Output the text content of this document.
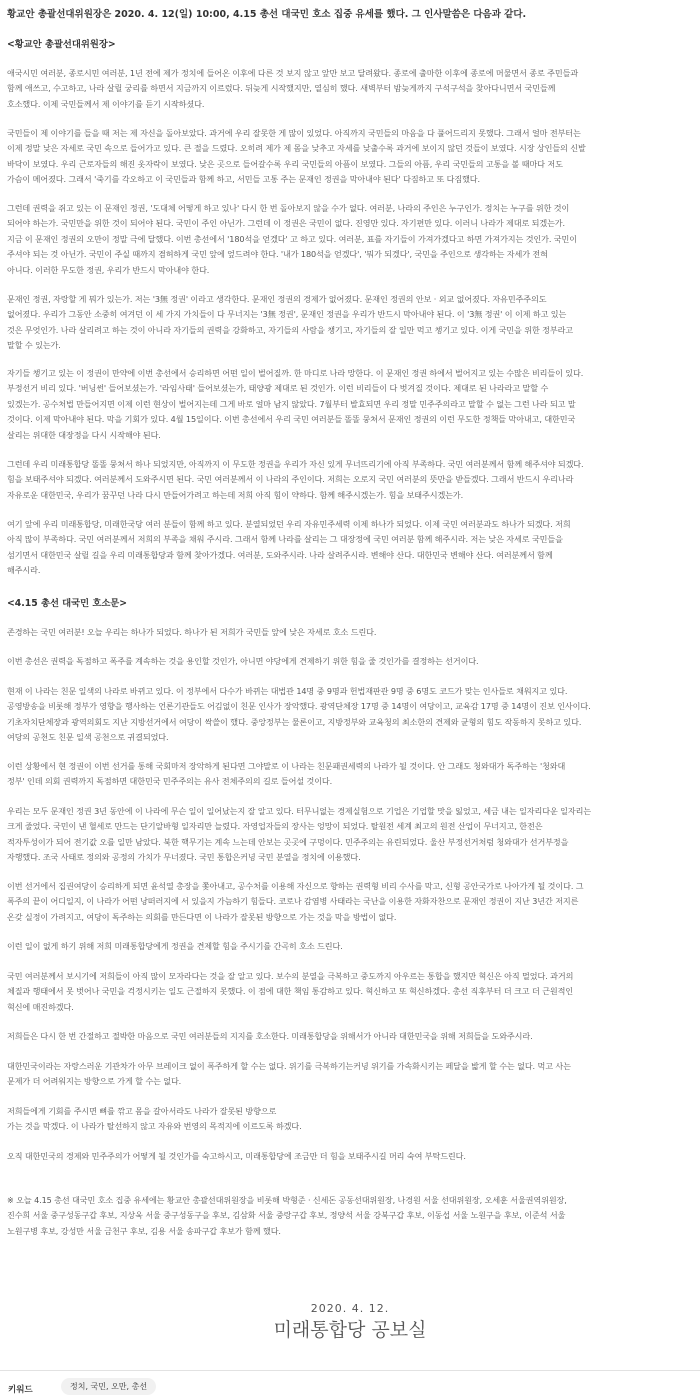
황교안 총괄선대위원장은 2020. 4. 12(일) 10:00, 4.15 총선 대국민 호소 집중 유세를 했다. 그 인사말씀은 다음과 같다.
<황교안 총괄선대위원장>
애국시민 여러분, 종로시민 여러분, 1년 전에 제가 정치에 들어온 이후에 다른 것 보지 않고 앞만 보고 달려왔다. 종로에 출마한 이후에 종로에 머물면서 종로 주민들과
함께 애쓰고, 수고하고, 나라 살릴 궁리를 하면서 지금까지 이르렀다. 뒤늦게 시작했지만, 열심히 했다. 새벽부터 밤늦게까지 구석구석을 찾아다니면서 국민들께
호소했다. 이제 국민들께서 제 이야기를 듣기 시작하셨다.
국민들이 제 이야기를 들을 때 저는 제 자신을 돌아보았다. 과거에 우리 잘못한 게 많이 있었다. 아직까지 국민들의 마음을 다 풀어드리지 못했다. 그래서 얼마 전부터는
이제 정말 낮은 자세로 국민 속으로 들어가고 있다. 큰 절을 드렸다. 오히려 제가 제 몸을 낮추고 자세를 낮출수록 과거에 보이지 않던 것들이 보였다. 시장 상인들의 신발
바닥이 보였다. 우리 근로자들의 해진 옷자락이 보였다. 낮은 곳으로 들어갈수록 우리 국민들의 아픔이 보였다. 그들의 아픔, 우리 국민들의 고통을 볼 때마다 저도
가슴이 메어졌다. 그래서 '죽기를 각오하고 이 국민들과 함께 하고, 서민들 고통 주는 문재인 정권을 막아내야 된다' 다짐하고 또 다짐했다.
그런데 권력을 쥐고 있는 이 문재인 정권, '도대체 어떻게 하고 있나' 다시 한 번 돌아보지 않을 수가 없다. 여러분, 나라의 주인은 누구인가. 정치는 누구를 위한 것이
되어야 하는가. 국민만을 위한 것이 되어야 된다. 국민이 주인 아닌가. 그런데 이 정권은 국민이 없다. 진영만 있다. 자기편만 있다. 이러니 나라가 제대로 되겠는가.
지금 이 문재인 정권의 오만이 정말 극에 달했다. 이번 총선에서 '180석을 얻겠다' 고 하고 있다. 여러분, 표를 자기들이 가져가겠다고 하면 가져가지는 것인가. 국민이
주셔야 되는 것 아닌가. 국민이 주실 때까지 겸허하게 국민 앞에 엎드려야 한다. '내가 180석을 얻겠다', '뭐가 되겠다', 국민을 주인으로 생각하는 자세가 전혀
아니다. 이러한 무도한 정권, 우리가 반드시 막아내야 한다.
문재인 정권, 자랑할 게 뭐가 있는가. 저는 '3無 정권' 이라고 생각한다. 문재인 정권의 경제가 없어졌다. 문재인 정권의 안보 · 외교 없어졌다. 자유민주주의도
없어졌다. 우리가 그동안 소중히 여겨던 이 세 가지 가치들이 다 무너지는 '3無 정권', 문재인 정권을 우리가 반드시 막아내야 된다. 이 '3無 정권' 이 이제 하고 있는
것은 무엇인가. 나라 살리려고 하는 것이 아니라 자기들의 권력을 강화하고, 자기들의 사람을 챙기고, 자기들의 잘 일만 먹고 챙기고 있다. 이게 국민을 위한 정부라고
말할 수 있는가.
자기들 챙기고 있는 이 정권이 만약에 이번 총선에서 승리하면 어떤 일이 벌어질까. 한 마디로 나라 망한다. 이 문재인 정권 하에서 벌어지고 있는 수많은 비리들이 있다.
부정선거 비리 있다. '버닝썬' 들어보셨는가. '라임사태' 들어보셨는가, 태양광 제대로 된 것인가. 이런 비리들이 다 벗겨질 것이다. 제대로 된 나라라고 말할 수
있겠는가. 공수처법 만들어지면 이제 이런 현상이 벌어지는데 그게 바로 얼마 남지 않았다. 7월부터 발효되면 우리 정말 민주주의라고 말할 수 없는 그런 나라 되고 말
것이다. 이제 막아내야 된다. 막을 기회가 있다. 4월 15일이다. 이번 총선에서 우리 국민 여러분들 똘똘 뭉쳐서 문재인 정권의 이런 무도한 정책들 막아내고, 대한민국
살리는 위대한 대장정을 다시 시작해야 된다.
그런데 우리 미래통합당 똘똘 뭉쳐서 하나 되었지만, 아직까지 이 무도한 정권을 우리가 자신 있게 무너뜨리기에 아직 부족하다. 국민 여러분께서 함께 해주셔야 되겠다.
힘을 보태주셔야 되겠다. 여러분께서 도와주시면 된다. 국민 여러분께서 이 나라의 주인이다. 저희는 오로지 국민 여러분의 뜻만을 받들겠다. 그래서 반드시 우리나라
자유로운 대한민국, 우리가 꿈꾸던 나라 다시 만들어가려고 하는데 저희 아직 힘이 약하다. 함께 해주시겠는가. 힘을 보태주시겠는가.
여기 앞에 우리 미래통합당, 미래한국당 여러 분들이 함께 하고 있다. 분열되었던 우리 자유민주세력 이제 하나가 되었다. 이제 국민 여러분과도 하나가 되겠다. 저희
아직 많이 부족하다. 국민 여러분께서 저희의 부족을 채워 주시라. 그래서 함께 나라를 살리는 그 대장정에 국민 여러분 함께 해주시라. 저는 낮은 자세로 국민들을
섬기면서 대한민국 살릴 길을 우리 미래통합당과 함께 찾아가겠다. 여러분, 도와주시라. 나라 살려주시라. 변해야 산다. 대한민국 변해야 산다. 여러분께서 함께
해주시라.
<4.15 총선 대국민 호소문>
존경하는 국민 여러분! 오늘 우리는 하나가 되었다. 하나가 된 저희가 국민들 앞에 낮은 자세로 호소 드린다.
이번 총선은 권력을 독점하고 폭주를 계속하는 것을 용인할 것인가, 아니면 야당에게 견제하기 위한 힘을 줄 것인가를 결정하는 선거이다.
현재 이 나라는 친문 일색의 나라로 바뀌고 있다. 이 정부에서 다수가 바뀌는 대법관 14명 중 9명과 헌법재판관 9명 중 6명도 코드가 맞는 인사들로 채워지고 있다.
공영방송을 비롯해 정부가 영향을 행사하는 언론기관들도 어김없이 친문 인사가 장악했다. 광역단체장 17명 중 14명이 여당이고, 교육감 17명 중 14명이 진보 인사이다.
기초자치단체장과 광역의회도 지난 지방선거에서 여당이 싹쓸이 했다. 중앙정부는 물론이고, 지방정부와 교육청의 최소한의 견제와 균형의 힘도 작동하지 못하고 있다.
여당의 공천도 친문 일색 공천으로 귀결되었다.
이런 상황에서 현 정권이 이번 선거를 통해 국회마저 장악하게 된다면 그야말로 이 나라는 친문패권세력의 나라가 될 것이다. 안 그래도 청와대가 독주하는 '청와대
정부' 인데 의회 권력까지 독점하면 대한민국 민주주의는 유사 전체주의의 길로 들어설 것이다.
우리는 모두 문재인 정권 3년 동안에 이 나라에 무슨 일이 일어났는지 잘 알고 있다. 터무니없는 경제실험으로 기업은 기업할 맛을 잃었고, 세금 내는 일자리다운 일자리는
크게 줄었다. 국민이 낸 혈세로 만드는 단기알바형 일자리만 늘렸다. 자영업자들의 장사는 엉망이 되었다. 탈원전 세계 최고의 원전 산업이 무너지고, 한전은
적자투성이가 되어 전기값 오를 일만 남았다. 북한 핵무기는 계속 느는데 안보는 곳곳에 구멍이다. 민주주의는 유린되었다. 울산 부정선거처럼 청와대가 선거부정을
자행했다. 조국 사태로 정의와 공정의 가치가 무너졌다. 국민 통합은커녕 국민 분열을 정치에 이용했다.
이번 선거에서 집권여당이 승리하게 되면 윤석열 총장을 쫓아내고, 공수처를 이용해 자신으로 향하는 권력형 비리 수사를 막고, 신형 공안국가로 나아가게 될 것이다. 그
폭주의 끝이 어디일지, 이 나라가 어떤 낭떠러지에 서 있을지 가늠하기 힘들다. 코로나 감염병 사태라는 국난을 이용한 자화자찬으로 문재인 정권이 지난 3년간 저지른
온갖 실정이 가려지고, 여당이 독주하는 의회를 만든다면 이 나라가 잘못된 방향으로 가는 것을 막을 방법이 없다.
이런 일이 없게 하기 위해 저희 미래통합당에게 정권을 견제할 힘을 주시기를 간곡히 호소 드린다.
국민 여러분께서 보시기에 저희들이 아직 많이 모자라다는 것을 잘 알고 있다. 보수의 분열을 극복하고 중도까지 아우르는 통합을 했지만 혁신은 아직 멀었다. 과거의
체질과 행태에서 못 벗어나 국민을 걱정시키는 일도 근절하지 못했다. 이 점에 대한 책임 통감하고 있다. 혁신하고 또 혁신하겠다. 총선 직후부터 더 크고 더 근원적인
혁신에 매진하겠다.
저희들은 다시 한 번 간절하고 절박한 마음으로 국민 여러분들의 지지를 호소한다. 미래통합당을 위해서가 아니라 대한민국을 위해 저희들을 도와주시라.
대한민국이라는 자랑스러운 기관차가 아무 브레이크 없이 폭주하게 할 수는 없다. 위기를 극복하기는커녕 위기를 가속화시키는 페달을 밟게 할 수는 없다. 먹고 사는
문제가 더 어려워지는 방향으로 가게 할 수는 없다.
저희들에게 기회를 주시면 뼈를 깎고 몸을 갈아서라도 나라가 잘못된 방향으로
가는 것을 막겠다. 이 나라가 탈선하지 않고 자유와 번영의 목적지에 이르도록 하겠다.
오직 대한민국의 경제와 민주주의가 어떻게 될 것인가를 숙고하시고, 미래통합당에 조금만 더 힘을 보태주시길 머리 숙여 부탁드린다.
※ 오늘 4.15 총선 대국민 호소 집중 유세에는 황교안 총괄선대위원장을 비롯해 박형준 · 신세돈 공동선대위원장, 나경원 서울 선대위원장, 오세훈 서울권역위원장,
진수희 서울 중구성동구갑 후보, 지상욱 서울 중구성동구을 후보, 김삼화 서울 중랑구갑 후보, 정양석 서울 강북구갑 후보, 이동섭 서울 노원구을 후보, 이준석 서울
노원구병 후보, 강성만 서울 금천구 후보, 김용 서울 송파구갑 후보가 함께 했다.
2020. 4. 12.
미래통합당 공보실
키워드	정치, 국민, 오만, 총선
